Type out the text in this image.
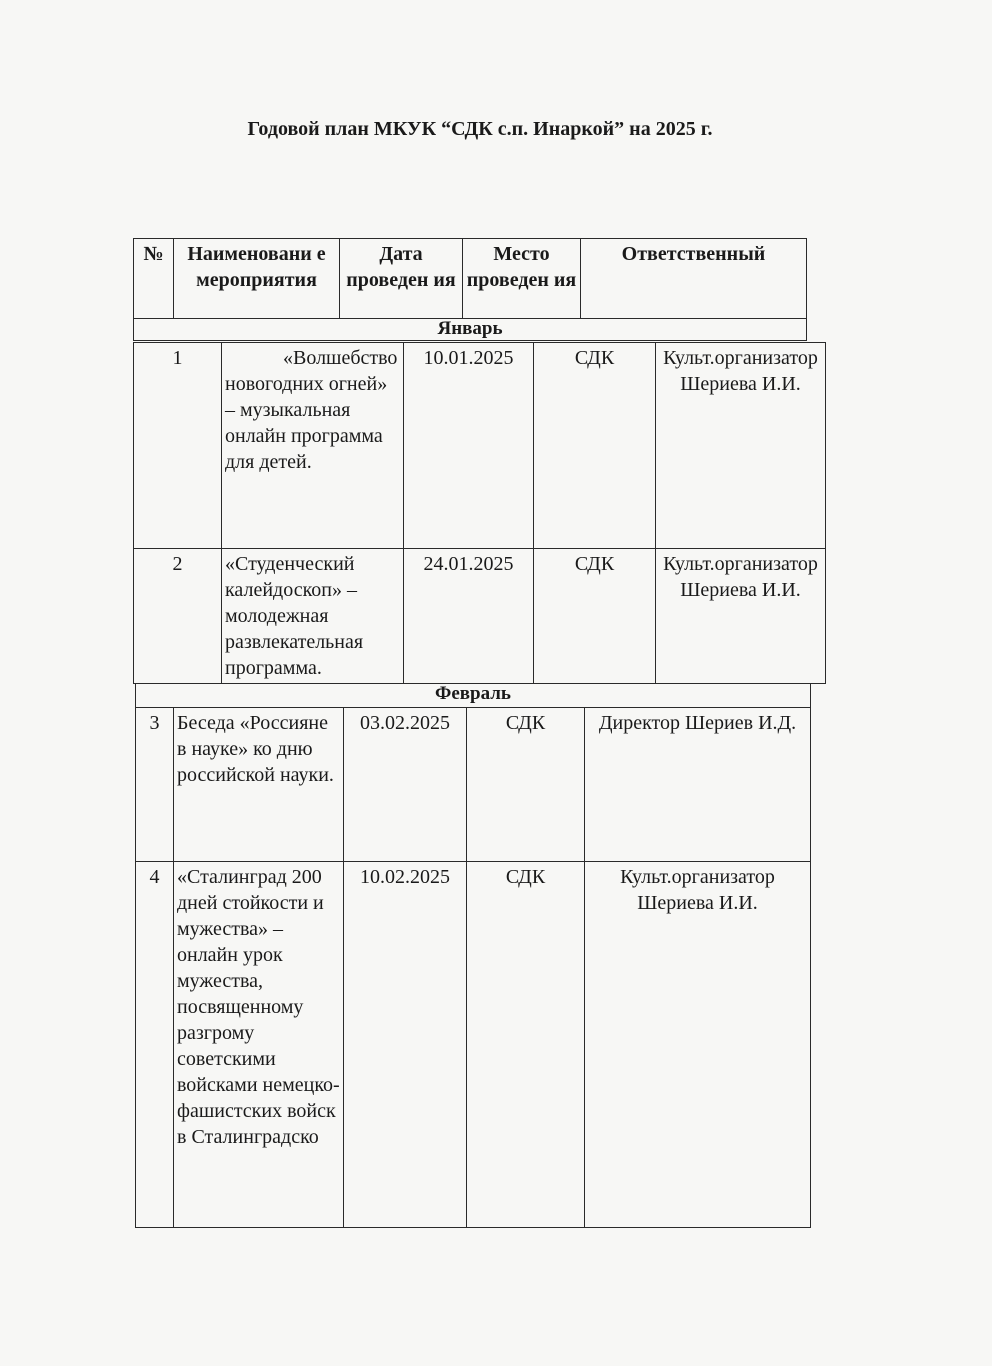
Годовой план МКУК “СДК с.п. Инаркой” на 2025 г.
№	Наименовани е мероприятия	Дата проведен ия	Место проведен ия	Ответственный
Январь
1	«Волшебство новогодних огней» – музыкальная онлайн программа для детей.	10.01.2025	СДК	Культ.организатор Шериева И.И.
2	«Студенческий калейдоскоп» – молодежная развлекательная программа.	24.01.2025	СДК	Культ.организатор Шериева И.И.
Февраль				
3	Беседа «Россияне в науке» ко дню российской науки.	03.02.2025	СДК	Директор Шериев И.Д.
4	«Сталинград 200 дней стойкости и мужества» – онлайн урок мужества, посвященному разгрому советскими войсками немецко-фашистских войск в Сталинградско	10.02.2025	СДК	Культ.организатор Шериева И.И.
